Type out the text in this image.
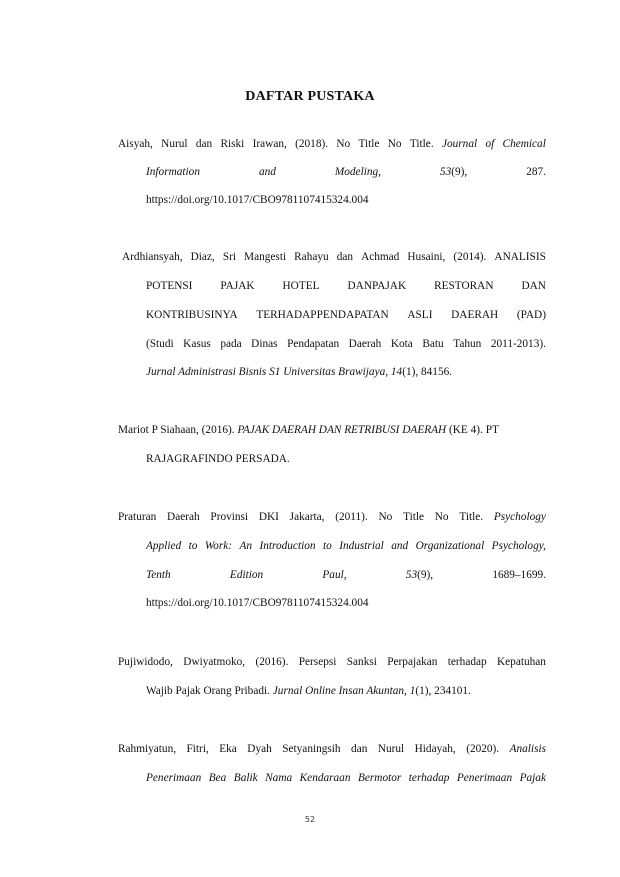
DAFTAR PUSTAKA
Aisyah, Nurul dan Riski Irawan, (2018). No Title No Title. Journal of Chemical
Information	and	Modeling,	53(9),	287.
https://doi.org/10.1017/CBO9781107415324.004
Ardhiansyah, Diaz, Sri Mangesti Rahayu dan Achmad Husaini, (2014). ANALISIS
POTENSI PAJAK HOTEL DANPAJAK RESTORAN DAN
KONTRIBUSINYA TERHADAPPENDAPATAN ASLI DAERAH (PAD)
(Studi Kasus pada Dinas Pendapatan Daerah Kota Batu Tahun 2011-2013).
Jurnal Administrasi Bisnis S1 Universitas Brawijaya, 14(1), 84156.
Mariot P Siahaan, (2016). PAJAK DAERAH DAN RETRIBUSI DAERAH (KE 4). PT
RAJAGRAFINDO PERSADA.
Praturan Daerah Provinsi DKI Jakarta, (2011). No Title No Title. Psychology
Applied to Work: An Introduction to Industrial and Organizational Psychology,
Tenth	Edition	Paul,	53(9),	1689–1699.
https://doi.org/10.1017/CBO9781107415324.004
Pujiwidodo, Dwiyatmoko, (2016). Persepsi Sanksi Perpajakan terhadap Kepatuhan
Wajib Pajak Orang Pribadi. Jurnal Online Insan Akuntan, 1(1), 234101.
Rahmiyatun, Fitri, Eka Dyah Setyaningsih dan Nurul Hidayah, (2020). Analisis
Penerimaan Bea Balik Nama Kendaraan Bermotor terhadap Penerimaan Pajak
52
